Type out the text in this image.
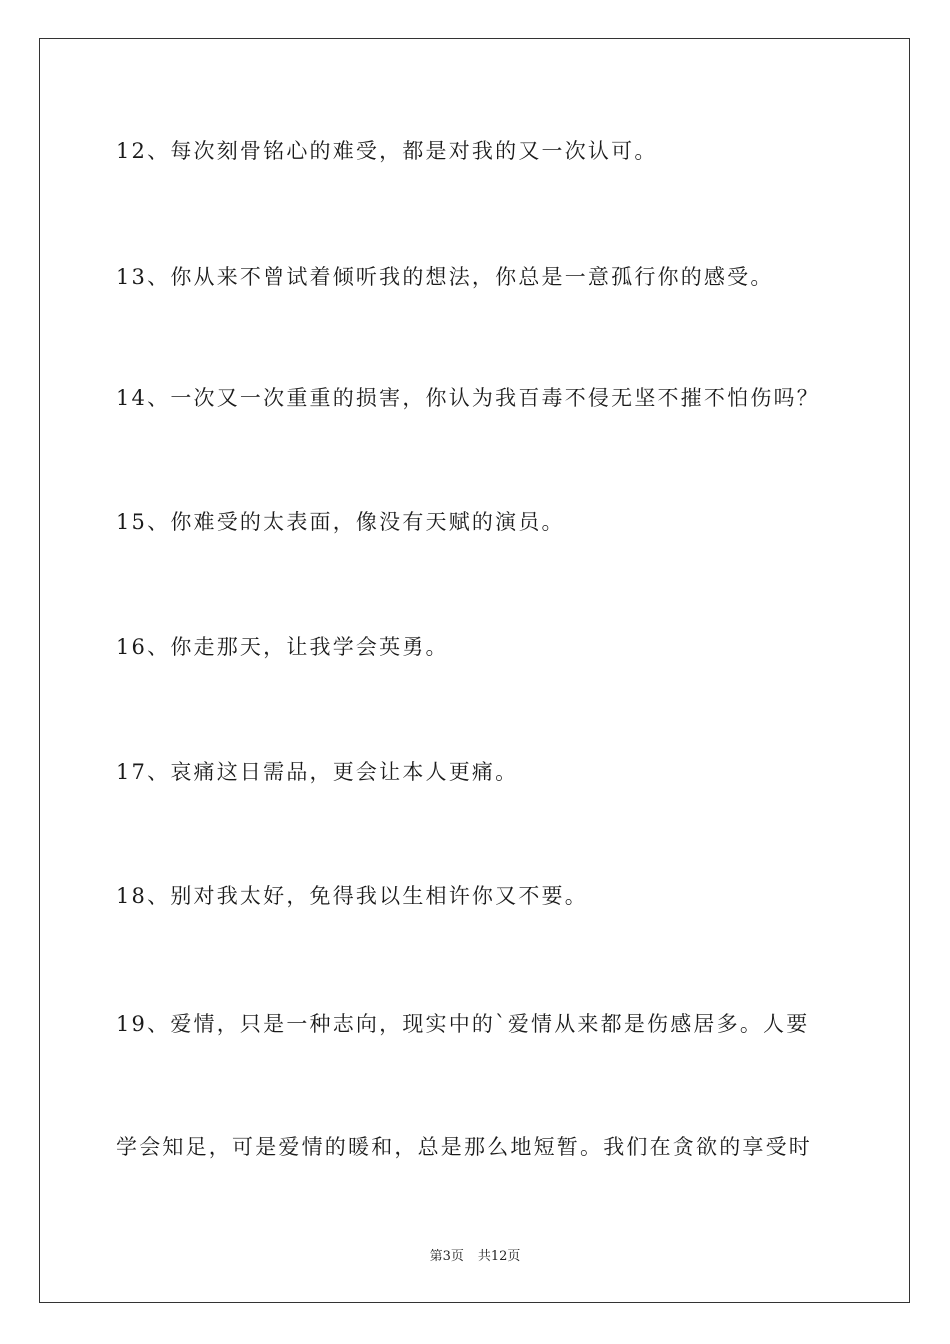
12、每次刻骨铭心的难受，都是对我的又一次认可。
13、你从来不曾试着倾听我的想法，你总是一意孤行你的感受。
14、一次又一次重重的损害，你认为我百毒不侵无坚不摧不怕伤吗？
15、你难受的太表面，像没有天赋的演员。
16、你走那天，让我学会英勇。
17、哀痛这日需品，更会让本人更痛。
18、别对我太好，免得我以生相许你又不要。
19、爱情，只是一种志向，现实中的`爱情从来都是伤感居多。人要
学会知足，可是爱情的暖和，总是那么地短暂。我们在贪欲的享受时
第3页 共12页
